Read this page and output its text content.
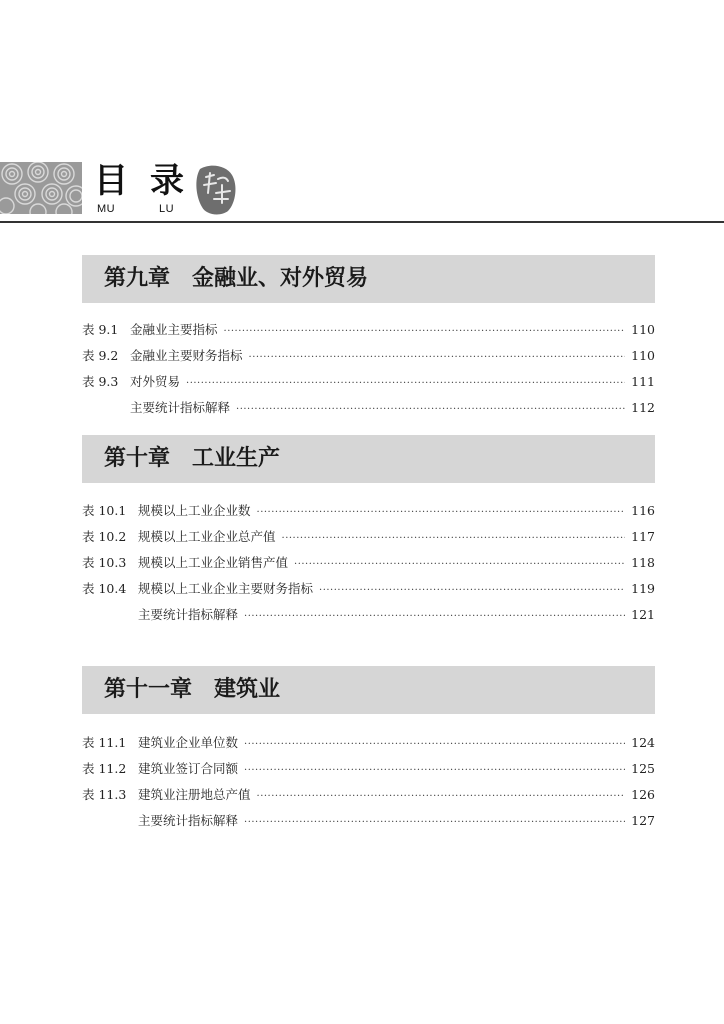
目 录
MU	LU
第九章　金融业、对外贸易
表 9.1 金融业主要指标 ·····	110
表 9.2 金融业主要财务指标 ·····	110
表 9.3 对外贸易 ·····	111
主要统计指标解释 ·····	112
第十章　工业生产
表 10.1 规模以上工业企业数 ·····	116
表 10.2 规模以上工业企业总产值 ·····	117
表 10.3 规模以上工业企业销售产值 ·····	118
表 10.4 规模以上工业企业主要财务指标 ·····	119
主要统计指标解释 ·····	121
第十一章　建筑业
表 11.1 建筑业企业单位数 ·····	124
表 11.2 建筑业签订合同额 ·····	125
表 11.3 建筑业注册地总产值 ·····	126
主要统计指标解释 ·····	127
